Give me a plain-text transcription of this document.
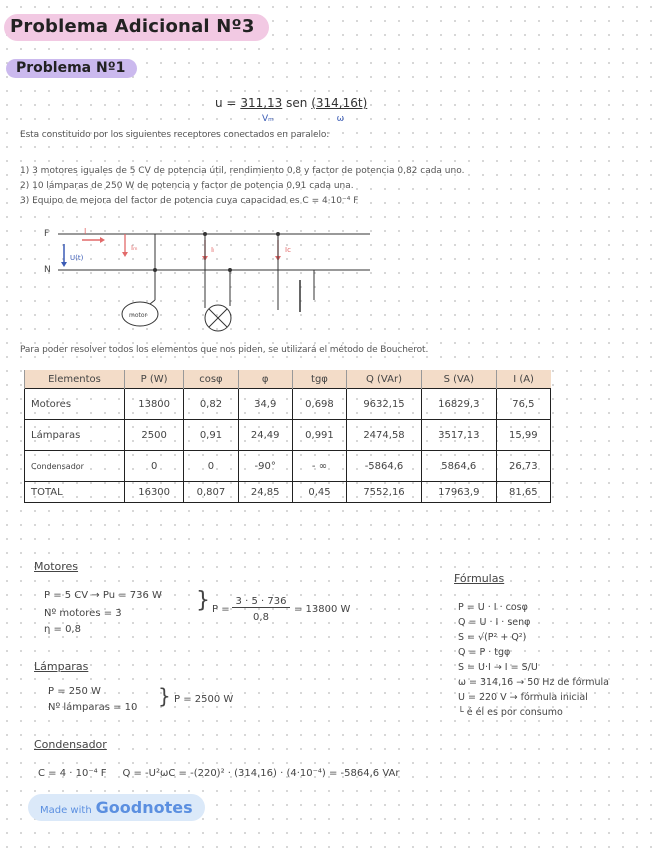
Problema Adicional Nº3
Problema Nº1
u = 311,13 sen (314,16t)
Vₘ	ω
Esta constituido por los siguientes receptores conectados en paralelo:
1) 3 motores iguales de 5 CV de potencia útil, rendimiento 0,8 y factor de potencia 0,82 cada uno.
2) 10 lámparas de 250 W de potencia y factor de potencia 0,91 cada una.
3) Equipo de mejora del factor de potencia cuya capacidad es C = 4·10⁻⁴ F
F
N
I
U(t)
Iₘ
motor
Iₗ	Iᴄ
Para poder resolver todos los elementos que nos piden, se utilizará el método de Boucherot.
Elementos	P (W)	cosφ	φ	tgφ	Q (VAr)	S (VA)	I (A)
Motores	13800	0,82	34,9	0,698	9632,15	16829,3	76,5
Lámparas	2500	0,91	24,49	0,991	2474,58	3517,13	15,99
Condensador	0	0	-90°	- ∞	-5864,6	5864,6	26,73
TOTAL	16300	0,807	24,85	0,45	7552,16	17963,9	81,65
Motores
P = 5 CV → Pu = 736 W
Nº motores = 3
η = 0,8
} P =
3 · 5 · 736
0,8
= 13800 W
Lámparas
P = 250 W
Nº lámparas = 10 } P = 2500 W
Fórmulas
P = U · I · cosφ
Q = U · I · senφ
S = √(P² + Q²)
Q = P · tgφ
S = U·I → I = S/U
ω = 314,16 → 50 Hz de fórmula
U = 220 V → fórmula inicial
└ é él es por consumo
Condensador
C = 4 · 10⁻⁴ F     Q = -U²ωC = -(220)² · (314,16) · (4·10⁻⁴) = -5864,6 VAr
Made with Goodnotes
